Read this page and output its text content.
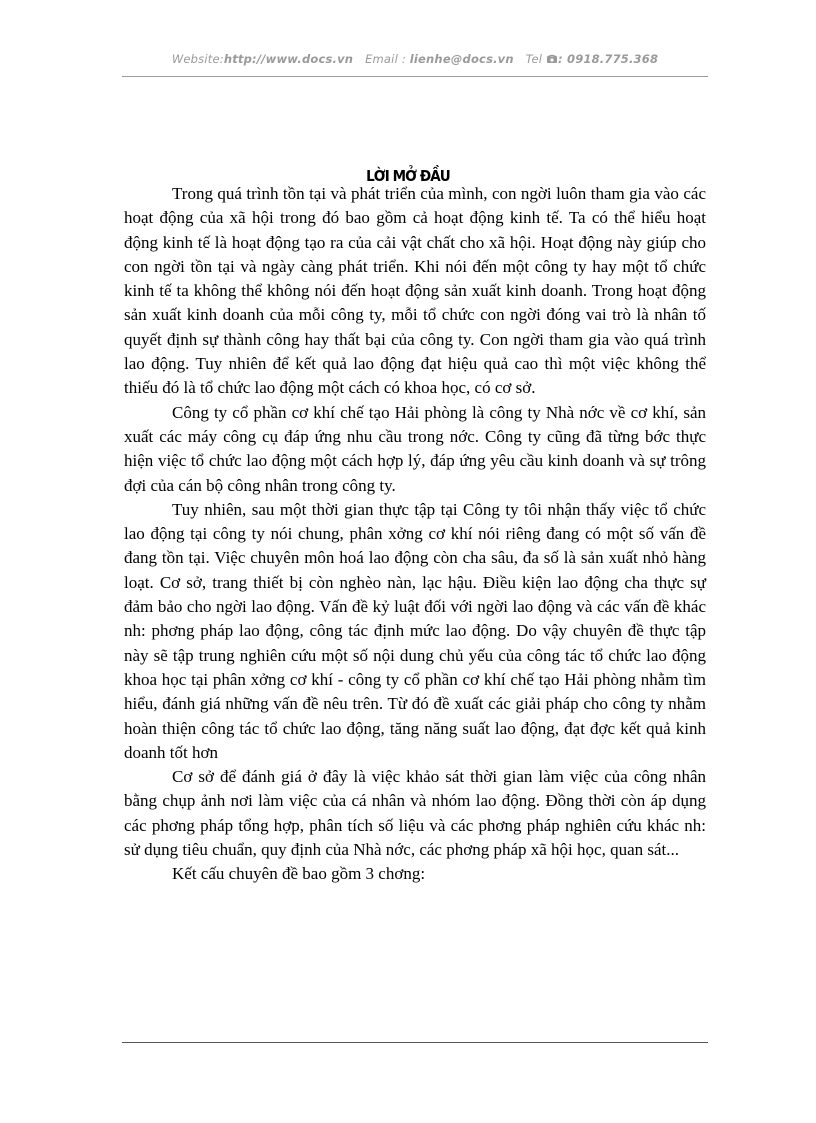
Website:http://www.docs.vn Email : lienhe@docs.vn Tel : 0918.775.368
LỜI MỞ ĐẦU

Trong quá trình tồn tại và phát triển của mình, con ngời luôn tham gia vào các hoạt động của xã hội trong đó bao gồm cả hoạt động kinh tế. Ta có thể hiểu hoạt động kinh tế là hoạt động tạo ra của cải vật chất cho xã hội. Hoạt động này giúp cho con ngời tồn tại và ngày càng phát triển. Khi nói đến một công ty hay một tổ chức kinh tế ta không thể không nói đến hoạt động sản xuất kinh doanh. Trong hoạt động sản xuất kinh doanh của mỗi công ty, mỗi tổ chức con ngời đóng vai trò là nhân tố quyết định sự thành công hay thất bại của công ty. Con ngời tham gia vào quá trình lao động. Tuy nhiên để kết quả lao động đạt hiệu quả cao thì một việc không thể thiếu đó là tổ chức lao động một cách có khoa học, có cơ sở.

Công ty cổ phần cơ khí chế tạo Hải phòng là công ty Nhà nớc về cơ khí, sản xuất các máy công cụ đáp ứng nhu cầu trong nớc. Công ty cũng đã từng bớc thực hiện việc tổ chức lao động một cách hợp lý, đáp ứng yêu cầu kinh doanh và sự trông đợi của cán bộ công nhân trong công ty.

Tuy nhiên, sau một thời gian thực tập tại Công ty tôi nhận thấy việc tổ chức lao động tại công ty nói chung, phân xởng cơ khí nói riêng đang có một số vấn đề đang tồn tại. Việc chuyên môn hoá lao động còn cha sâu, đa số là sản xuất nhỏ hàng loạt. Cơ sở, trang thiết bị còn nghèo nàn, lạc hậu. Điều kiện lao động cha thực sự đảm bảo cho ngời lao động. Vấn đề kỷ luật đối với ngời lao động và các vấn đề khác nh: phơng pháp lao động, công tác định mức lao động. Do vậy chuyên đề thực tập này sẽ tập trung nghiên cứu một số nội dung chủ yếu của công tác tổ chức lao động khoa học tại phân xởng cơ khí - công ty cổ phần cơ khí chế tạo Hải phòng nhằm tìm hiểu, đánh giá những vấn đề nêu trên. Từ đó đề xuất các giải pháp cho công ty nhằm hoàn thiện công tác tổ chức lao động, tăng năng suất lao động, đạt đợc kết quả kinh doanh tốt hơn

Cơ sở để đánh giá ở đây là việc khảo sát thời gian làm việc của công nhân bằng chụp ảnh nơi làm việc của cá nhân và nhóm lao động. Đồng thời còn áp dụng các phơng pháp tổng hợp, phân tích số liệu và các phơng pháp nghiên cứu khác nh: sử dụng tiêu chuẩn, quy định của Nhà nớc, các phơng pháp xã hội học, quan sát...

Kết cấu chuyên đề bao gồm 3 chơng:
